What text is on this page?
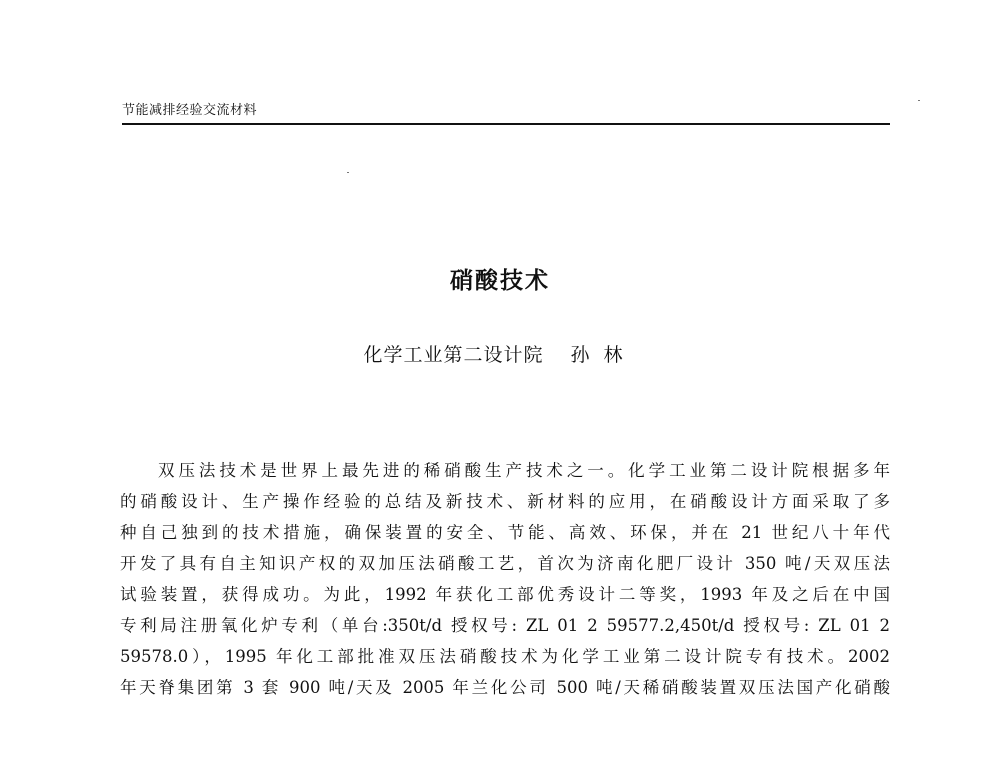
节能减排经验交流材料
硝酸技术
化学工业第二设计院 孙林
双压法技术是世界上最先进的稀硝酸生产技术之一。化学工业第二设计院根据多年
的硝酸设计、生产操作经验的总结及新技术、新材料的应用，在硝酸设计方面采取了多
种自己独到的技术措施，确保装置的安全、节能、高效、环保，并在 21 世纪八十年代
开发了具有自主知识产权的双加压法硝酸工艺，首次为济南化肥厂设计 350 吨/天双压法
试验装置，获得成功。为此，1992 年获化工部优秀设计二等奖，1993 年及之后在中国
专利局注册氧化炉专利（单台:350t/d 授权号: ZL 01 2 59577.2,450t/d 授权号: ZL 01 2
59578.0），1995 年化工部批准双压法硝酸技术为化学工业第二设计院专有技术。2002
年天脊集团第 3 套 900 吨/天及 2005 年兰化公司 500 吨/天稀硝酸装置双压法国产化硝酸
